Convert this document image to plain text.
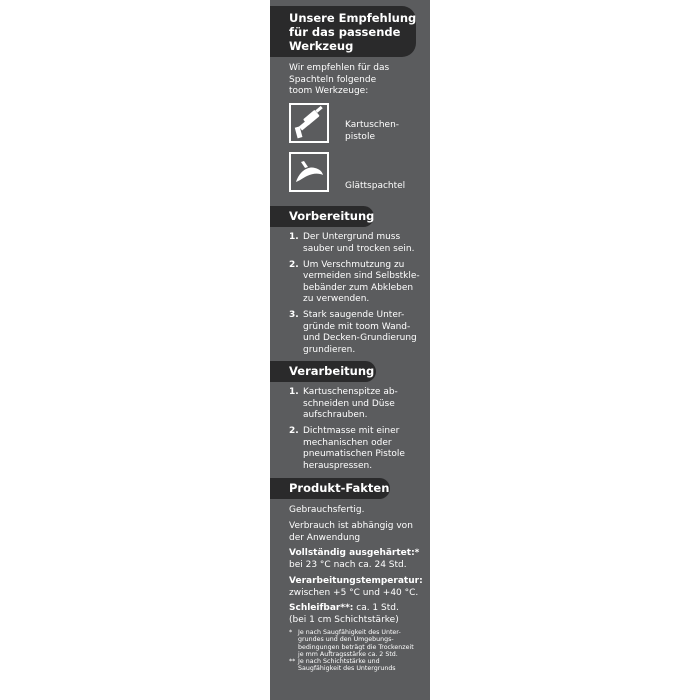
Unsere Empfehlung
für das passende
Werkzeug
Wir empfehlen für das
Spachteln folgende
toom Werkzeuge:
Kartuschen-
pistole
Glättspachtel
Vorbereitung
1. Der Untergrund muss
sauber und trocken sein.
2. Um Verschmutzung zu
vermeiden sind Selbstkle-
bebänder zum Abkleben
zu verwenden.
3. Stark saugende Unter-
gründe mit toom Wand-
und Decken-Grundierung
grundieren.
Verarbeitung
1. Kartuschenspitze ab-
schneiden und Düse
aufschrauben.
2. Dichtmasse mit einer
mechanischen oder
pneumatischen Pistole
herauspressen.
Produkt-Fakten
Gebrauchsfertig.
Verbrauch ist abhängig von
der Anwendung
Vollständig ausgehärtet:*
bei 23 °C nach ca. 24 Std.
Verarbeitungstemperatur:
zwischen +5 °C und +40 °C.
Schleifbar**: ca. 1 Std.
(bei 1 cm Schichtstärke)
* Je nach Saugfähigkeit des Unter-
grundes und den Umgebungs-
bedingungen beträgt die Trockenzeit
je mm Auftragsstärke ca. 2 Std.
** Je nach Schichtstärke und
Saugfähigkeit des Untergrunds
